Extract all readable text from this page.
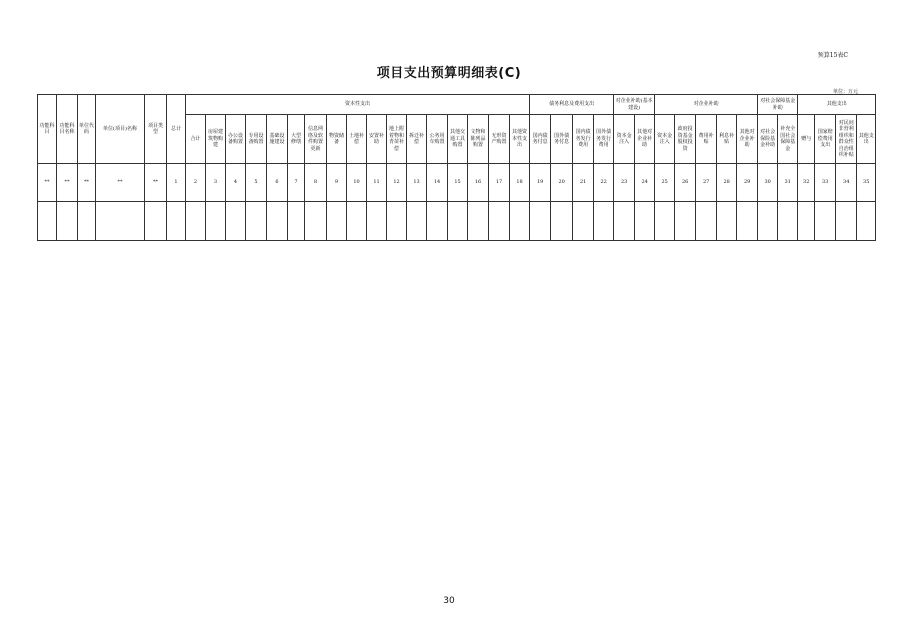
预算15表C
项目支出预算明细表(C)
单位：万元
功能科目	功能科目名称	单位代码	单位(项目)名称	项目类型	总计	资本性支出																	债务利息及费用支出				对企业补助(基本建设)		对企业补助					对社会保障基金补助		其他支出			
						合计	房屋建筑物购建	办公设备购置	专用设备购置	基础设施建设	大型修缮	信息网络及软件购置更新	物资储备	土地补偿	安置补助	地上附着物和青苗补偿	拆迁补偿	公务用车购置	其他交通工具购置	文物和陈列品购置	无形资产购置	其他资本性支出	国内债务付息	国外债务付息	国内债务发行费用	国外债务发行费用	资本金注入	其他对企业补助	资本金注入	政府投资基金股权投资	费用补贴	利息补贴	其他对企业补助	对社会保险基金补助	补充全国社会保障基金	赠与	国家赔偿费用支出	对民间非营利组织和群众性自治组织补贴	其他支出
**	**	**	**	**	1	2	3	4	5	6	7	8	9	10	11	12	13	14	15	16	17	18	19	20	21	22	23	24	25	26	27	28	29	30	31	32	33	34	35

30
